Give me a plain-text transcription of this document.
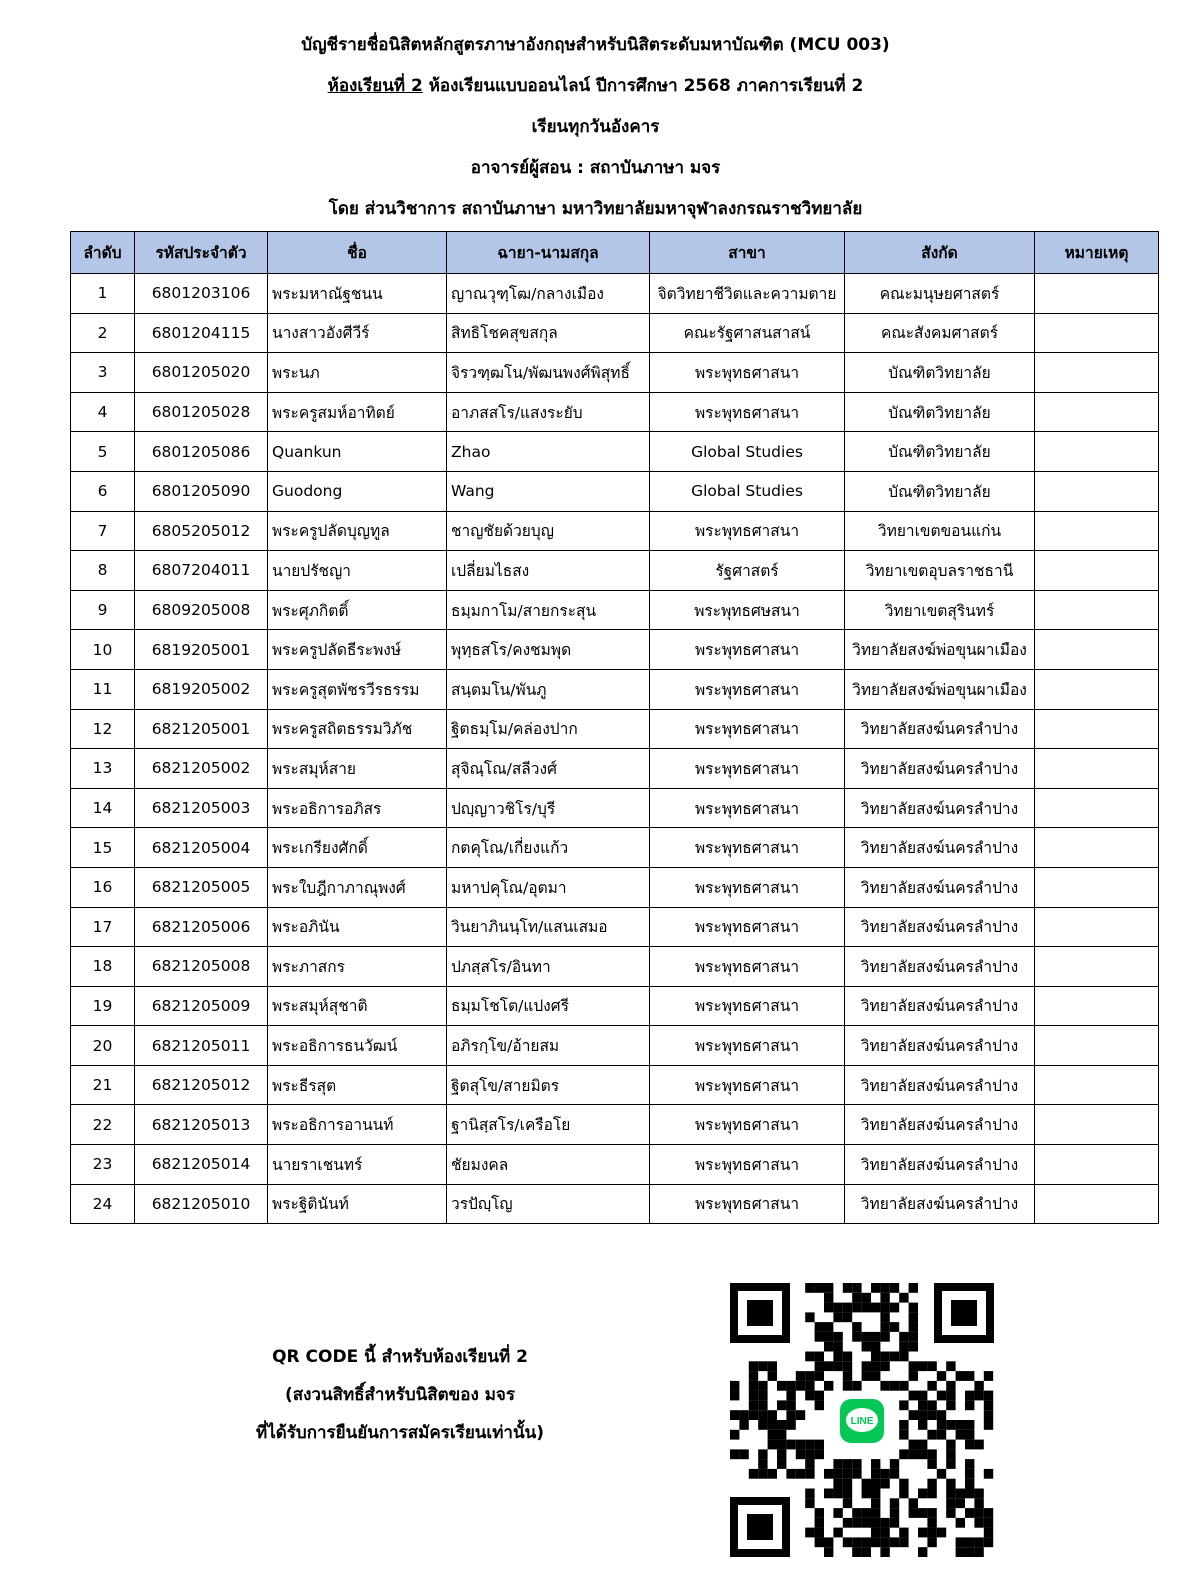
บัญชีรายชื่อนิสิตหลักสูตรภาษาอังกฤษสำหรับนิสิตระดับมหาบัณฑิต (MCU 003)
ห้องเรียนที่ 2 ห้องเรียนแบบออนไลน์ ปีการศึกษา 2568 ภาคการเรียนที่ 2
เรียนทุกวันอังคาร
อาจารย์ผู้สอน : สถาบันภาษา มจร
โดย ส่วนวิชาการ สถาบันภาษา มหาวิทยาลัยมหาจุฬาลงกรณราชวิทยาลัย
ลำดับ	รหัสประจำตัว	ชื่อ	ฉายา-นามสกุล	สาขา	สังกัด	หมายเหตุ
1	6801203106	พระมหาณัฐชนน	ญาณวุฑฺโฒ/กลางเมือง	จิตวิทยาชีวิตและความตาย	คณะมนุษยศาสตร์	
2	6801204115	นางสาวอังศีวีร์	สิทธิโชคสุขสกุล	คณะรัฐศาสนสาสน์	คณะสังคมศาสตร์	
3	6801205020	พระนภ	จิรวฑฺฒโน/พัฒนพงศ์พิสุทธิ์	พระพุทธศาสนา	บัณฑิตวิทยาลัย	
4	6801205028	พระครูสมห์อาทิตย์	อาภสสโร/แสงระยับ	พระพุทธศาสนา	บัณฑิตวิทยาลัย	
5	6801205086	Quankun	Zhao	Global Studies	บัณฑิตวิทยาลัย	
6	6801205090	Guodong	Wang	Global Studies	บัณฑิตวิทยาลัย	
7	6805205012	พระครูปลัดบุญทูล	ชาญชัยด้วยบุญ	พระพุทธศาสนา	วิทยาเขตขอนแก่น	
8	6807204011	นายปรัชญา	เปลี่ยมไธสง	รัฐศาสตร์	วิทยาเขตอุบลราชธานี	
9	6809205008	พระศุภกิตติ์	ธมฺมกาโม/สายกระสุน	พระพุทธศษสนา	วิทยาเขตสุรินทร์	
10	6819205001	พระครูปลัดธีระพงษ์	พุทฺธสโร/คงชมพุด	พระพุทธศาสนา	วิทยาลัยสงฆ์พ่อขุนผาเมือง	
11	6819205002	พระครูสุตพัชรวีรธรรม	สนฺตมโน/พันภู	พระพุทธศาสนา	วิทยาลัยสงฆ์พ่อขุนผาเมือง	
12	6821205001	พระครูสถิตธรรมวิภัช	ฐิตธมฺโม/คล่องปาก	พระพุทธศาสนา	วิทยาลัยสงฆ์นครลำปาง	
13	6821205002	พระสมุห์สาย	สุจิณฺโณ/สลีวงศ์	พระพุทธศาสนา	วิทยาลัยสงฆ์นครลำปาง	
14	6821205003	พระอธิการอภิสร	ปญฺญาวชิโร/บุรี	พระพุทธศาสนา	วิทยาลัยสงฆ์นครลำปาง	
15	6821205004	พระเกรียงศักดิ์	กตคุโณ/เกี่ยงแก้ว	พระพุทธศาสนา	วิทยาลัยสงฆ์นครลำปาง	
16	6821205005	พระใบฎีกาภาณุพงศ์	มหาปคุโณ/อุตมา	พระพุทธศาสนา	วิทยาลัยสงฆ์นครลำปาง	
17	6821205006	พระอภินัน	วินยาภินนฺโท/แสนเสมอ	พระพุทธศาสนา	วิทยาลัยสงฆ์นครลำปาง	
18	6821205008	พระภาสกร	ปภสฺสโร/อินทา	พระพุทธศาสนา	วิทยาลัยสงฆ์นครลำปาง	
19	6821205009	พระสมุห์สุชาติ	ธมฺมโชโต/แปงศรี	พระพุทธศาสนา	วิทยาลัยสงฆ์นครลำปาง	
20	6821205011	พระอธิการธนวัฒน์	อภิรกฺโข/อ้ายสม	พระพุทธศาสนา	วิทยาลัยสงฆ์นครลำปาง	
21	6821205012	พระธีรสุต	ฐิตสุโข/สายมิตร	พระพุทธศาสนา	วิทยาลัยสงฆ์นครลำปาง	
22	6821205013	พระอธิการอานนท์	ฐานิสฺสโร/เครือโย	พระพุทธศาสนา	วิทยาลัยสงฆ์นครลำปาง	
23	6821205014	นายราเชนทร์	ชัยมงคล	พระพุทธศาสนา	วิทยาลัยสงฆ์นครลำปาง	
24	6821205010	พระฐิตินันท์	วรปัญฺโญ	พระพุทธศาสนา	วิทยาลัยสงฆ์นครลำปาง	
QR CODE นี้ สำหรับห้องเรียนที่ 2
(สงวนสิทธิ์สำหรับนิสิตของ มจร
ที่ได้รับการยืนยันการสมัครเรียนเท่านั้น)
LINE
